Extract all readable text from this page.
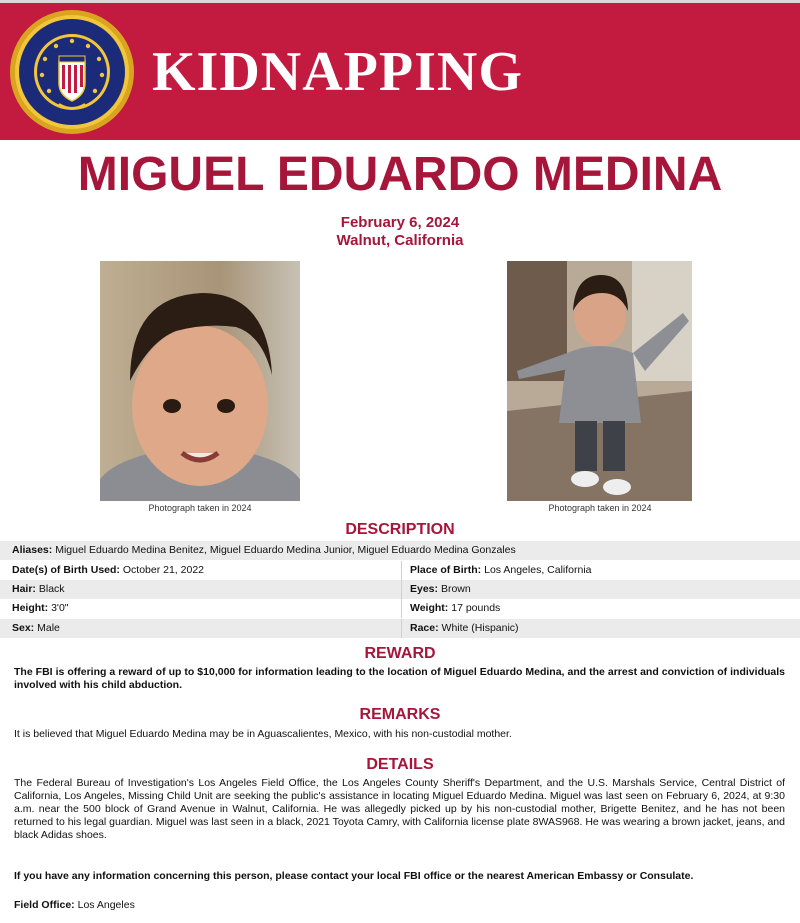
KIDNAPPING
MIGUEL EDUARDO MEDINA
February 6, 2024
Walnut, California
Photograph taken in 2024	Photograph taken in 2024
DESCRIPTION
Aliases: Miguel Eduardo Medina Benitez, Miguel Eduardo Medina Junior, Miguel Eduardo Medina Gonzales
Date(s) of Birth Used: October 21, 2022	Place of Birth: Los Angeles, California
Hair: Black	Eyes: Brown
Height: 3'0"	Weight: 17 pounds
Sex: Male	Race: White (Hispanic)
REWARD
The FBI is offering a reward of up to $10,000 for information leading to the location of Miguel Eduardo Medina, and the arrest and conviction of individuals involved with his child abduction.
REMARKS
It is believed that Miguel Eduardo Medina may be in Aguascalientes, Mexico, with his non-custodial mother.
DETAILS
The Federal Bureau of Investigation's Los Angeles Field Office, the Los Angeles County Sheriff's Department, and the U.S. Marshals Service, Central District of California, Los Angeles, Missing Child Unit are seeking the public's assistance in locating Miguel Eduardo Medina. Miguel was last seen on February 6, 2024, at 9:30 a.m. near the 500 block of Grand Avenue in Walnut, California. He was allegedly picked up by his non-custodial mother, Brigette Benitez, and he has not been returned to his legal guardian. Miguel was last seen in a black, 2021 Toyota Camry, with California license plate 8WAS968. He was wearing a brown jacket, jeans, and black Adidas shoes.
If you have any information concerning this person, please contact your local FBI office or the nearest American Embassy or Consulate.
Field Office: Los Angeles
